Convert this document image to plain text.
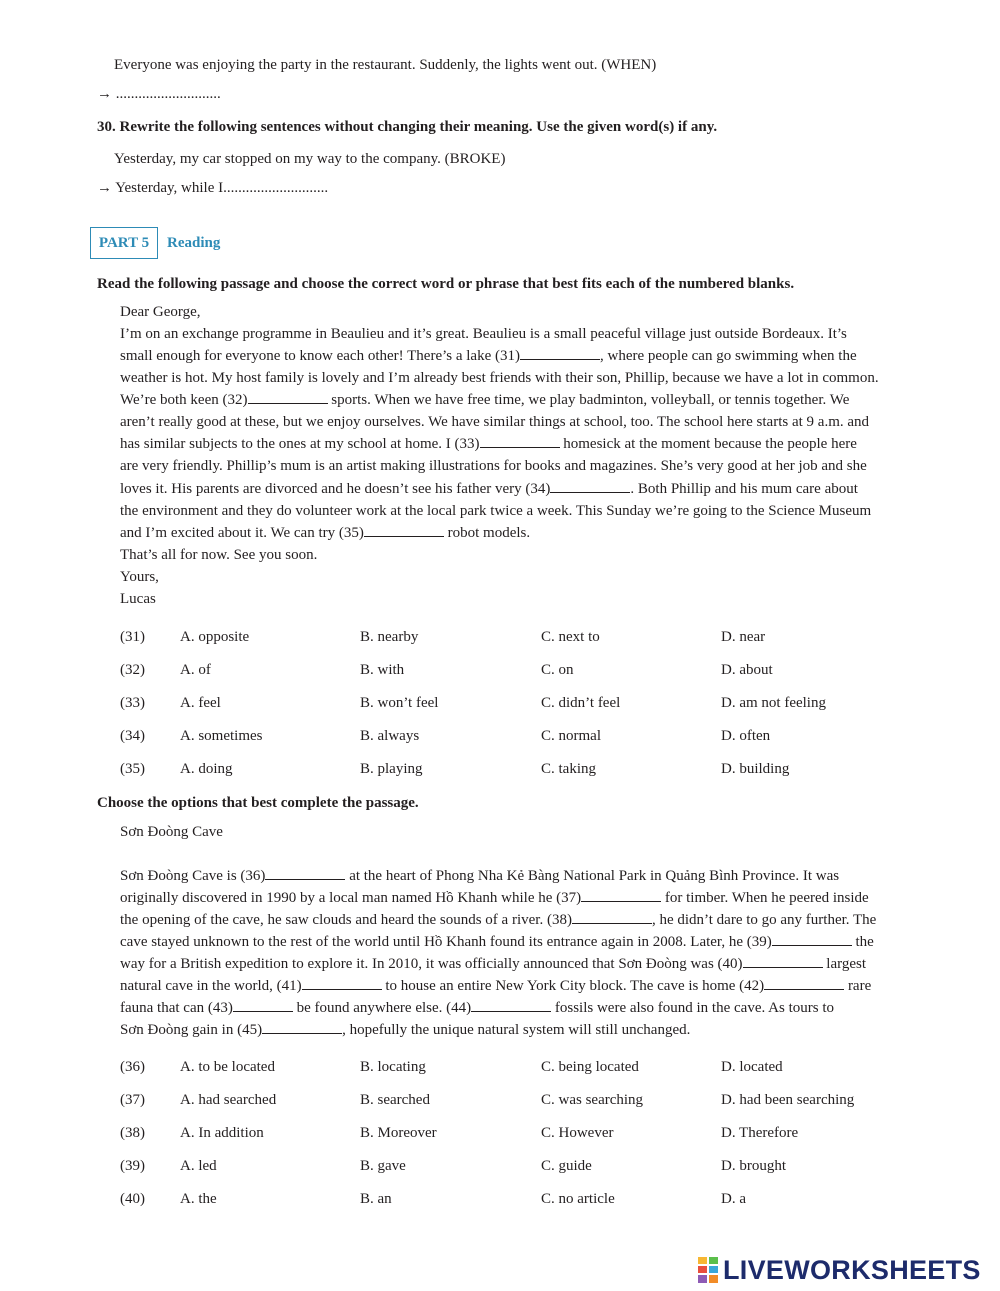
Everyone was enjoying the party in the restaurant. Suddenly, the lights went out. (WHEN)
→ ............................
30. Rewrite the following sentences without changing their meaning. Use the given word(s) if any.
Yesterday, my car stopped on my way to the company. (BROKE)
→ Yesterday, while I............................
PART 5	Reading
Read the following passage and choose the correct word or phrase that best fits each of the numbered blanks.
Dear George,
I’m on an exchange programme in Beaulieu and it’s great. Beaulieu is a small peaceful village just outside Bordeaux. It’s
small enough for everyone to know each other! There’s a lake (31)	, where people can go swimming when the
weather is hot. My host family is lovely and I’m already best friends with their son, Phillip, because we have a lot in common.
We’re both keen (32)	sports. When we have free time, we play badminton, volleyball, or tennis together. We
aren’t really good at these, but we enjoy ourselves. We have similar things at school, too. The school here starts at 9 a.m. and
has similar subjects to the ones at my school at home. I (33)	homesick at the moment because the people here
are very friendly. Phillip’s mum is an artist making illustrations for books and magazines. She’s very good at her job and she
loves it. His parents are divorced and he doesn’t see his father very (34)	. Both Phillip and his mum care about
the environment and they do volunteer work at the local park twice a week. This Sunday we’re going to the Science Museum
and I’m excited about it. We can try (35)	robot models.
That’s all for now. See you soon.
Yours,
Lucas
(31) A. opposite	B. nearby	C. next to	D. near
(32) A. of	B. with	C. on	D. about
(33) A. feel	B. won’t feel	C. didn’t feel	D. am not feeling
(34) A. sometimes	B. always	C. normal	D. often
(35) A. doing	B. playing	C. taking	D. building
Choose the options that best complete the passage.
Sơn Đoòng Cave
Sơn Đoòng Cave is (36)	at the heart of Phong Nha Kẻ Bàng National Park in Quảng Bình Province. It was
originally discovered in 1990 by a local man named Hồ Khanh while he (37)	for timber. When he peered inside
the opening of the cave, he saw clouds and heard the sounds of a river. (38)	, he didn’t dare to go any further. The
cave stayed unknown to the rest of the world until Hồ Khanh found its entrance again in 2008. Later, he (39)	the
way for a British expedition to explore it. In 2010, it was officially announced that Sơn Đoòng was (40)	largest
natural cave in the world, (41)	to house an entire New York City block. The cave is home (42)	rare
fauna that can (43)	be found anywhere else. (44)	fossils were also found in the cave. As tours to
Sơn Đoòng gain in (45)	, hopefully the unique natural system will still unchanged.
(36) A. to be located	B. locating	C. being located	D. located
(37) A. had searched	B. searched	C. was searching	D. had been searching
(38) A. In addition	B. Moreover	C. However	D. Therefore
(39) A. led	B. gave	C. guide	D. brought
(40) A. the	B. an	C. no article	D. a
LIVEWORKSHEETS
